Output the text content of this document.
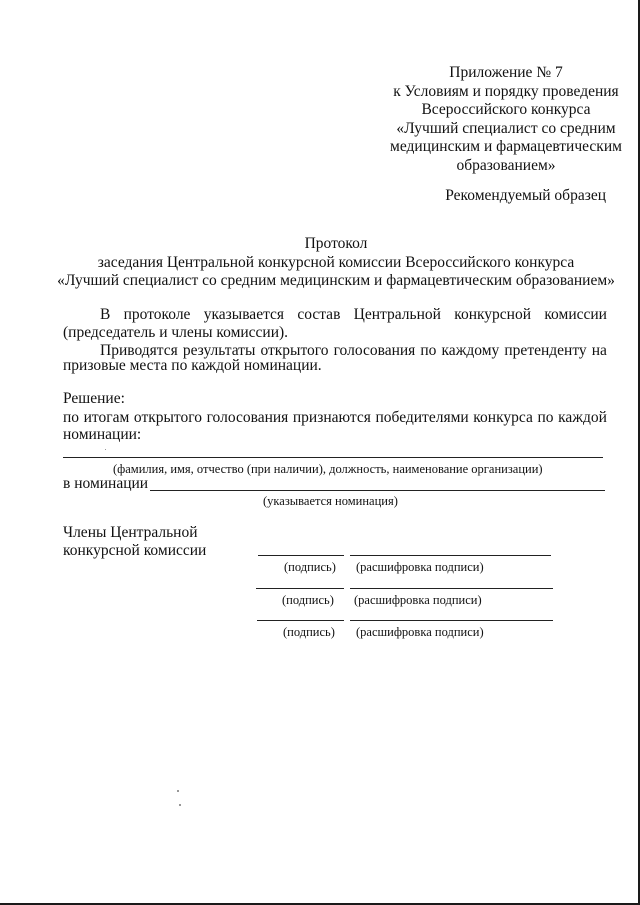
Приложение № 7
к Условиям и порядку проведения
Всероссийского конкурса
«Лучший специалист со средним
медицинским и фармацевтическим
образованием»
Рекомендуемый образец
Протокол
заседания Центральной конкурсной комиссии Всероссийского конкурса
«Лучший специалист со средним медицинским и фармацевтическим образованием»
В протоколе указывается состав Центральной конкурсной комиссии
(председатель и члены комиссии).
Приводятся результаты открытого голосования по каждому претенденту на
призовые места по каждой номинации.
Решение:
по итогам открытого голосования признаются победителями конкурса по каждой
номинации:
(фамилия, имя, отчество (при наличии), должность, наименование организации)
в номинации
(указывается номинация)
Члены Центральной
конкурсной комиссии
(подпись) (расшифровка подписи)
(подпись) (расшифровка подписи)
(подпись) (расшифровка подписи)
